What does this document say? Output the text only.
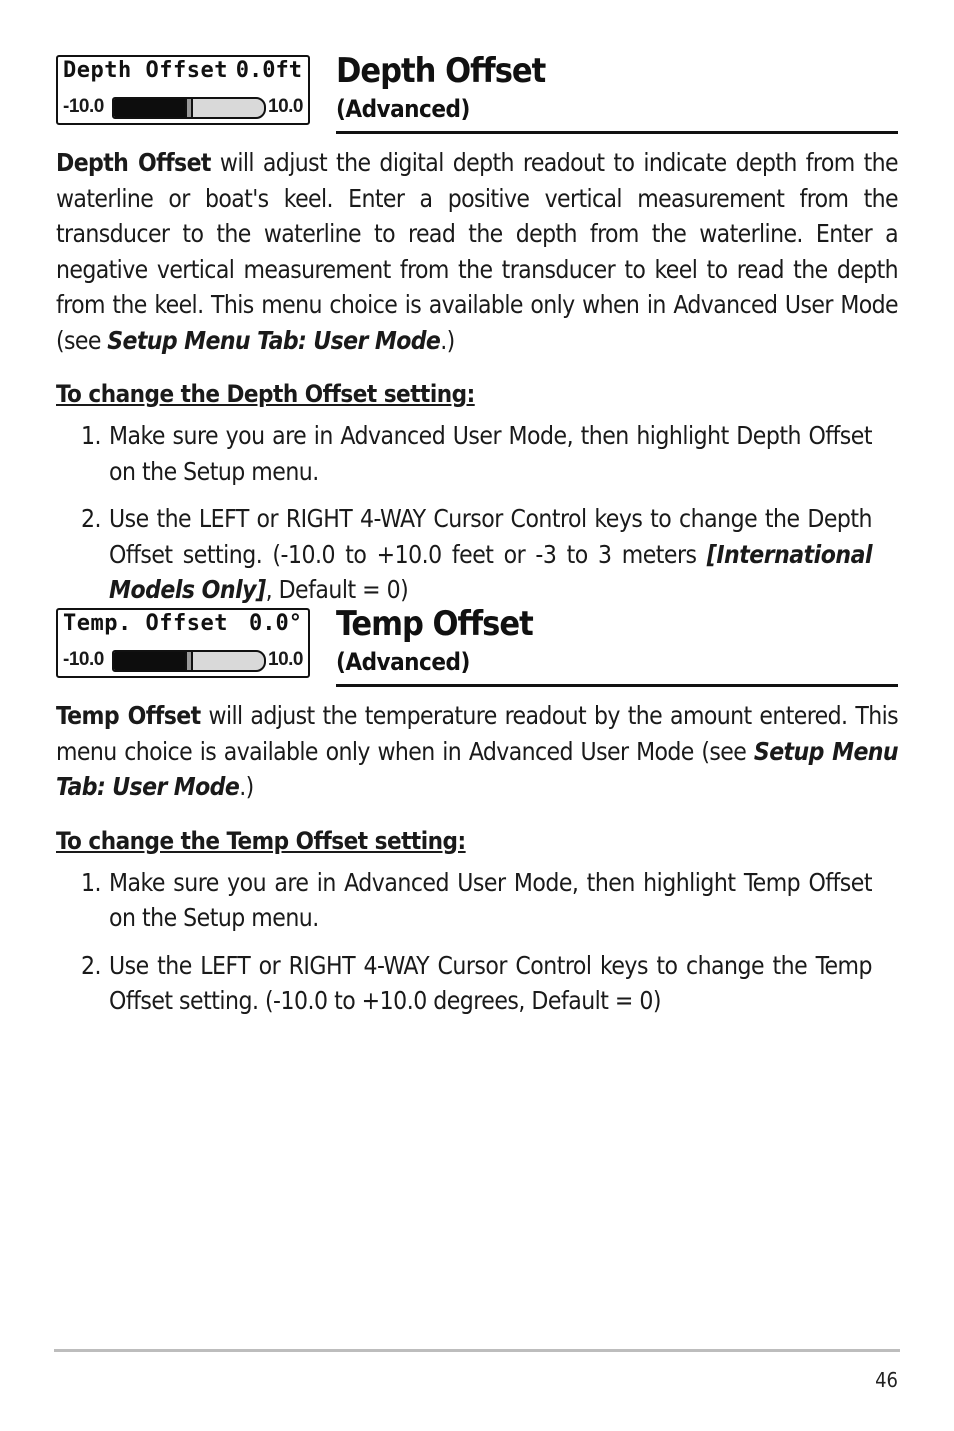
Depth Offset 0.0ft
-10.0	10.0
Depth Offset
(Advanced)

Depth Offset will adjust the digital depth readout to indicate depth from the waterline or boat's keel. Enter a positive vertical measurement from the transducer to the waterline to read the depth from the waterline. Enter a negative vertical measurement from the transducer to keel to read the depth from the keel. This menu choice is available only when in Advanced User Mode (see Setup Menu Tab: User Mode.)

To change the Depth Offset setting:

1. Make sure you are in Advanced User Mode, then highlight Depth Offset on the Setup menu.
2. Use the LEFT or RIGHT 4-WAY Cursor Control keys to change the Depth Offset setting. (-10.0 to +10.0 feet or -3 to 3 meters [International Models Only], Default = 0)
Temp. Offset 0.0°
-10.0	10.0
Temp Offset
(Advanced)

Temp Offset will adjust the temperature readout by the amount entered. This menu choice is available only when in Advanced User Mode (see Setup Menu Tab: User Mode.)

To change the Temp Offset setting:

1. Make sure you are in Advanced User Mode, then highlight Temp Offset on the Setup menu.
2. Use the LEFT or RIGHT 4-WAY Cursor Control keys to change the Temp Offset setting. (-10.0 to +10.0 degrees, Default = 0)
46
